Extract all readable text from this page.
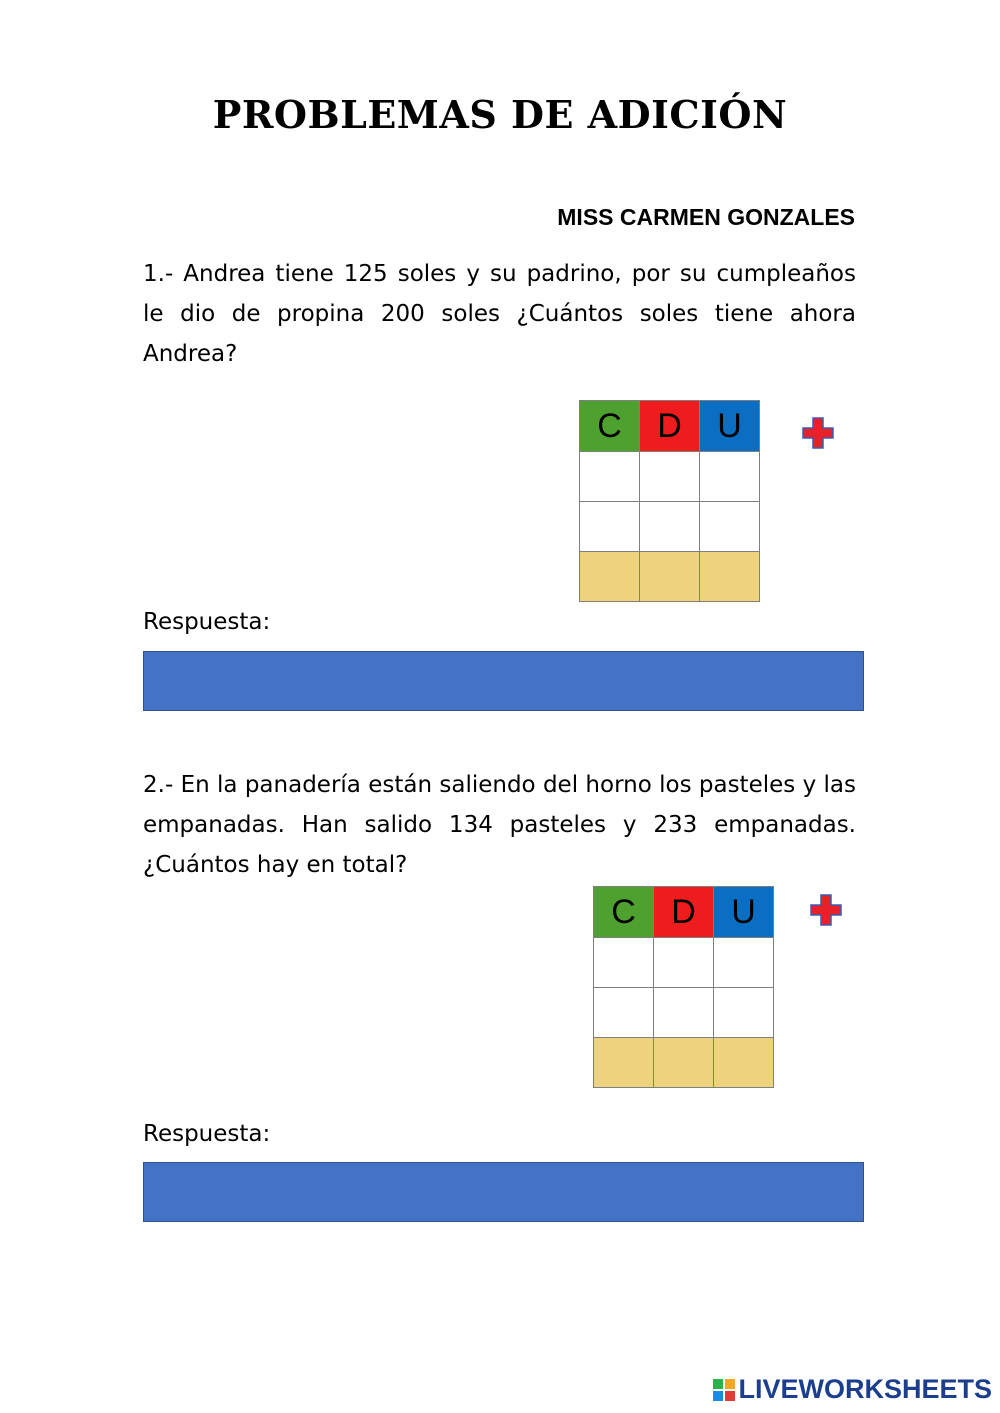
PROBLEMAS DE ADICIÓN
MISS CARMEN GONZALES
1.- Andrea tiene 125 soles y su padrino, por su cumpleaños le dio de propina 200 soles ¿Cuántos soles tiene ahora Andrea?
C	D	U

Respuesta:
2.- En la panadería están saliendo del horno los pasteles y las empanadas. Han salido 134 pasteles y 233 empanadas. ¿Cuántos hay en total?
C	D	U

Respuesta:
LIVEWORKSHEETS
